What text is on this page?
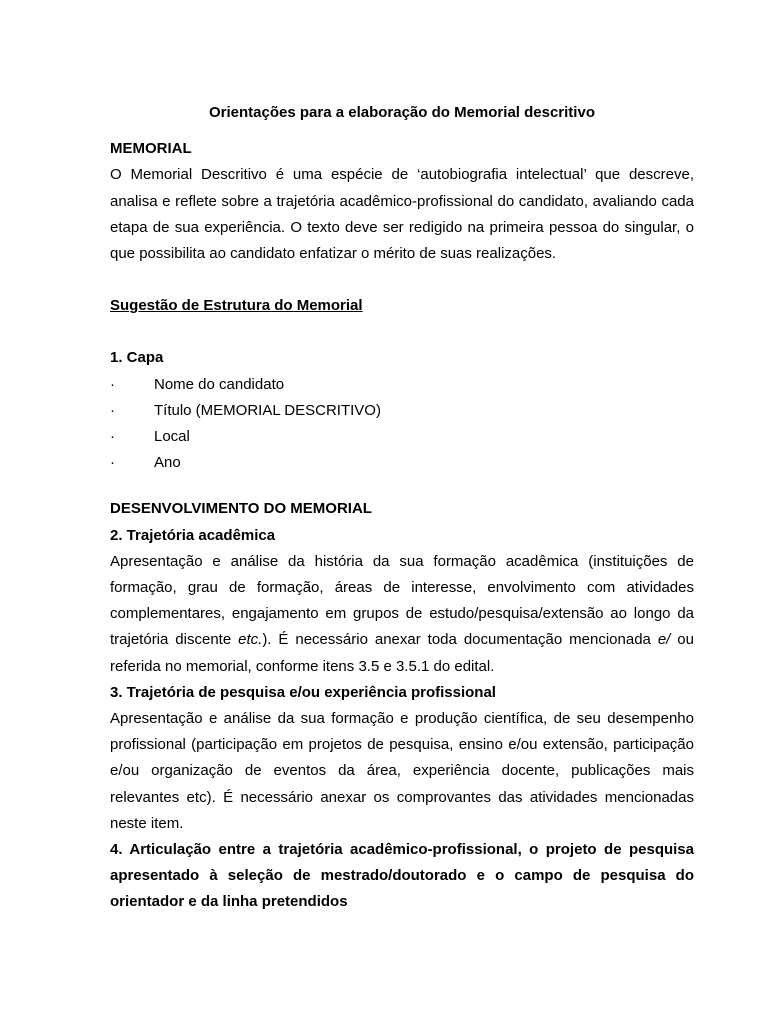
Orientações para a elaboração do Memorial descritivo

MEMORIAL

O Memorial Descritivo é uma espécie de ‘autobiografia intelectual’ que descreve, analisa e reflete sobre a trajetória acadêmico-profissional do candidato, avaliando cada etapa de sua experiência. O texto deve ser redigido na primeira pessoa do singular, o que possibilita ao candidato enfatizar o mérito de suas realizações.

Sugestão de Estrutura do Memorial

1. Capa

·	Nome do candidato
·	Título (MEMORIAL DESCRITIVO)
·	Local
·	Ano

DESENVOLVIMENTO DO MEMORIAL

2. Trajetória acadêmica

Apresentação e análise da história da sua formação acadêmica (instituições de formação, grau de formação, áreas de interesse, envolvimento com atividades complementares, engajamento em grupos de estudo/pesquisa/extensão ao longo da trajetória discente etc.). É necessário anexar toda documentação mencionada e/ ou referida no memorial, conforme itens 3.5 e 3.5.1 do edital.

3. Trajetória de pesquisa e/ou experiência profissional

Apresentação e análise da sua formação e produção científica, de seu desempenho profissional (participação em projetos de pesquisa, ensino e/ou extensão, participação e/ou organização de eventos da área, experiência docente, publicações mais relevantes etc). É necessário anexar os comprovantes das atividades mencionadas neste item.

4. Articulação entre a trajetória acadêmico-profissional, o projeto de pesquisa apresentado à seleção de mestrado/doutorado e o campo de pesquisa do orientador e da linha pretendidos
